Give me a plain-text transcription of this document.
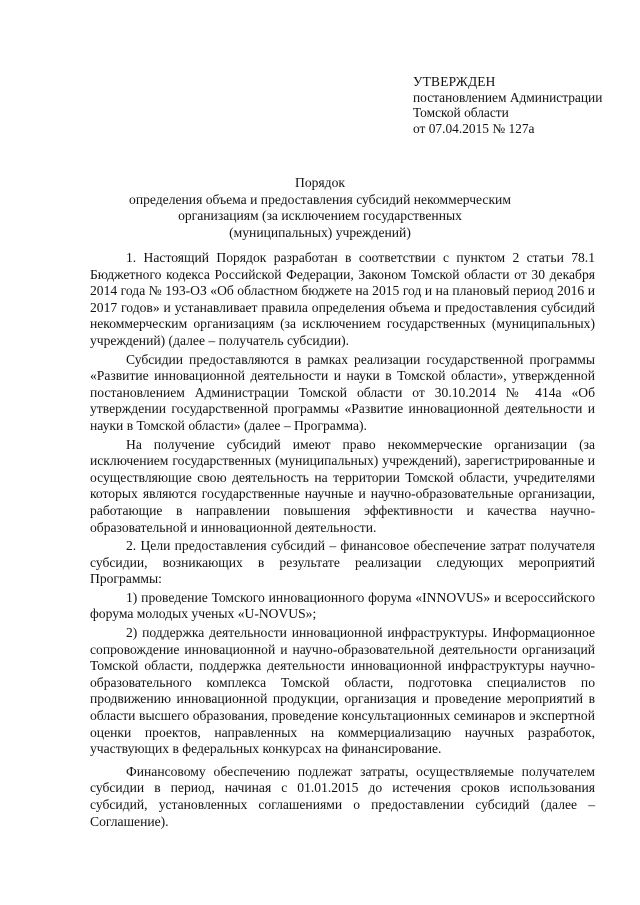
УТВЕРЖДЕН
постановлением Администрации
Томской области
от 07.04.2015 № 127а
Порядок
определения объема и предоставления субсидий некоммерческим
организациям (за исключением государственных
(муниципальных) учреждений)

1. Настоящий Порядок разработан в соответствии с пунктом 2 статьи 78.1 Бюджетного кодекса Российской Федерации, Законом Томской области от 30 декабря 2014 года № 193-ОЗ «Об областном бюджете на 2015 год и на плановый период 2016 и 2017 годов» и устанавливает правила определения объема и предоставления субсидий некоммерческим организациям (за исключением государственных (муниципальных) учреждений) (далее – получатель субсидии).

Субсидии предоставляются в рамках реализации государственной программы «Развитие инновационной деятельности и науки в Томской области», утвержденной постановлением Администрации Томской области от 30.10.2014 № 414а «Об утверждении государственной программы «Развитие инновационной деятельности и науки в Томской области» (далее – Программа).

На получение субсидий имеют право некоммерческие организации (за исключением государственных (муниципальных) учреждений), зарегистрированные и осуществляющие свою деятельность на территории Томской области, учредителями которых являются государственные научные и научно-образовательные организации, работающие в направлении повышения эффективности и качества научно-образовательной и инновационной деятельности.

2. Цели предоставления субсидий – финансовое обеспечение затрат получателя субсидии, возникающих в результате реализации следующих мероприятий Программы:

1) проведение Томского инновационного форума «INNOVUS» и всероссийского форума молодых ученых «U-NOVUS»;

2) поддержка деятельности инновационной инфраструктуры. Информационное сопровождение инновационной и научно-образовательной деятельности организаций Томской области, поддержка деятельности инновационной инфраструктуры научно-образовательного комплекса Томской области, подготовка специалистов по продвижению инновационной продукции, организация и проведение мероприятий в области высшего образования, проведение консультационных семинаров и экспертной оценки проектов, направленных на коммерциализацию научных разработок, участвующих в федеральных конкурсах на финансирование.

Финансовому обеспечению подлежат затраты, осуществляемые получателем субсидии в период, начиная с 01.01.2015 до истечения сроков использования субсидий, установленных соглашениями о предоставлении субсидий (далее – Соглашение).
